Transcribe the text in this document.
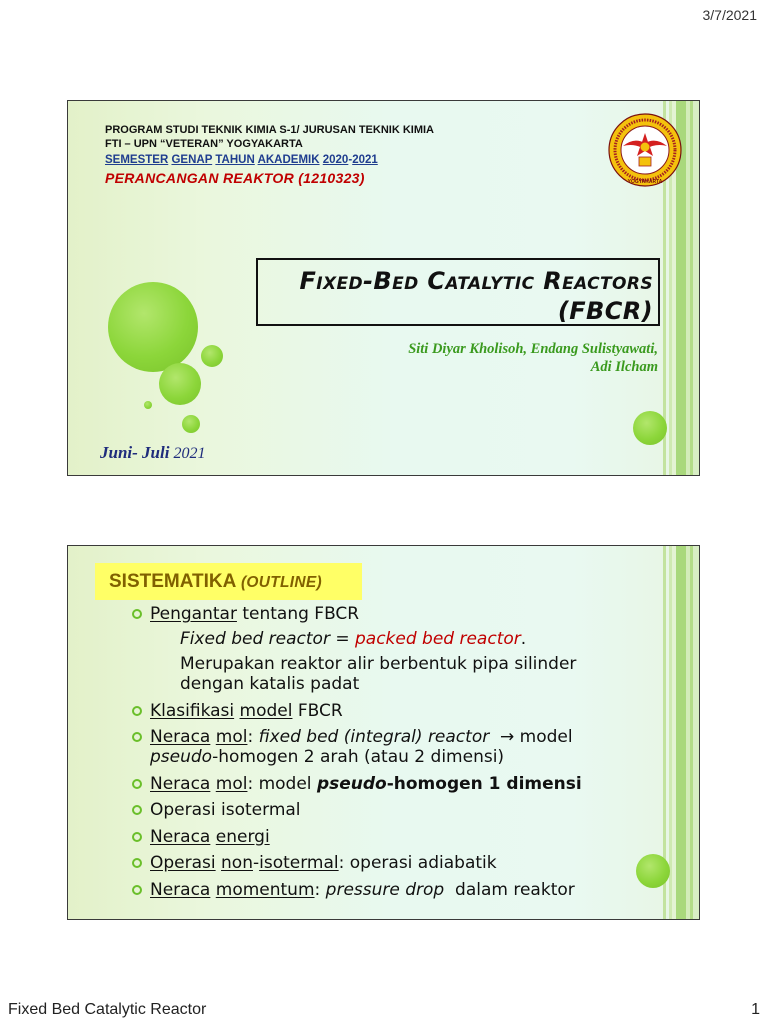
3/7/2021
PROGRAM STUDI TEKNIK KIMIA S-1/ JURUSAN TEKNIK KIMIA
FTI – UPN “VETERAN” YOGYAKARTA
SEMESTER GENAP TAHUN AKADEMIK 2020-2021
PERANCANGAN REAKTOR (1210323)	YOGYAKARTA
Fixed-Bed Catalytic Reactors
(FBCR)
Siti Diyar Kholisoh, Endang Sulistyawati,
Adi Ilcham
Juni- Juli 2021
SISTEMATIKA (OUTLINE)
Pengantar tentang FBCR
Fixed bed reactor = packed bed reactor.
Merupakan reaktor alir berbentuk pipa silinder
dengan katalis padat
Klasifikasi model FBCR
Neraca mol: fixed bed (integral) reactor  → model
pseudo-homogen 2 arah (atau 2 dimensi)
Neraca mol: model pseudo-homogen 1 dimensi
Operasi isotermal
Neraca energi
Operasi non-isotermal: operasi adiabatik
Neraca momentum: pressure drop  dalam reaktor
Fixed Bed Catalytic Reactor	1
